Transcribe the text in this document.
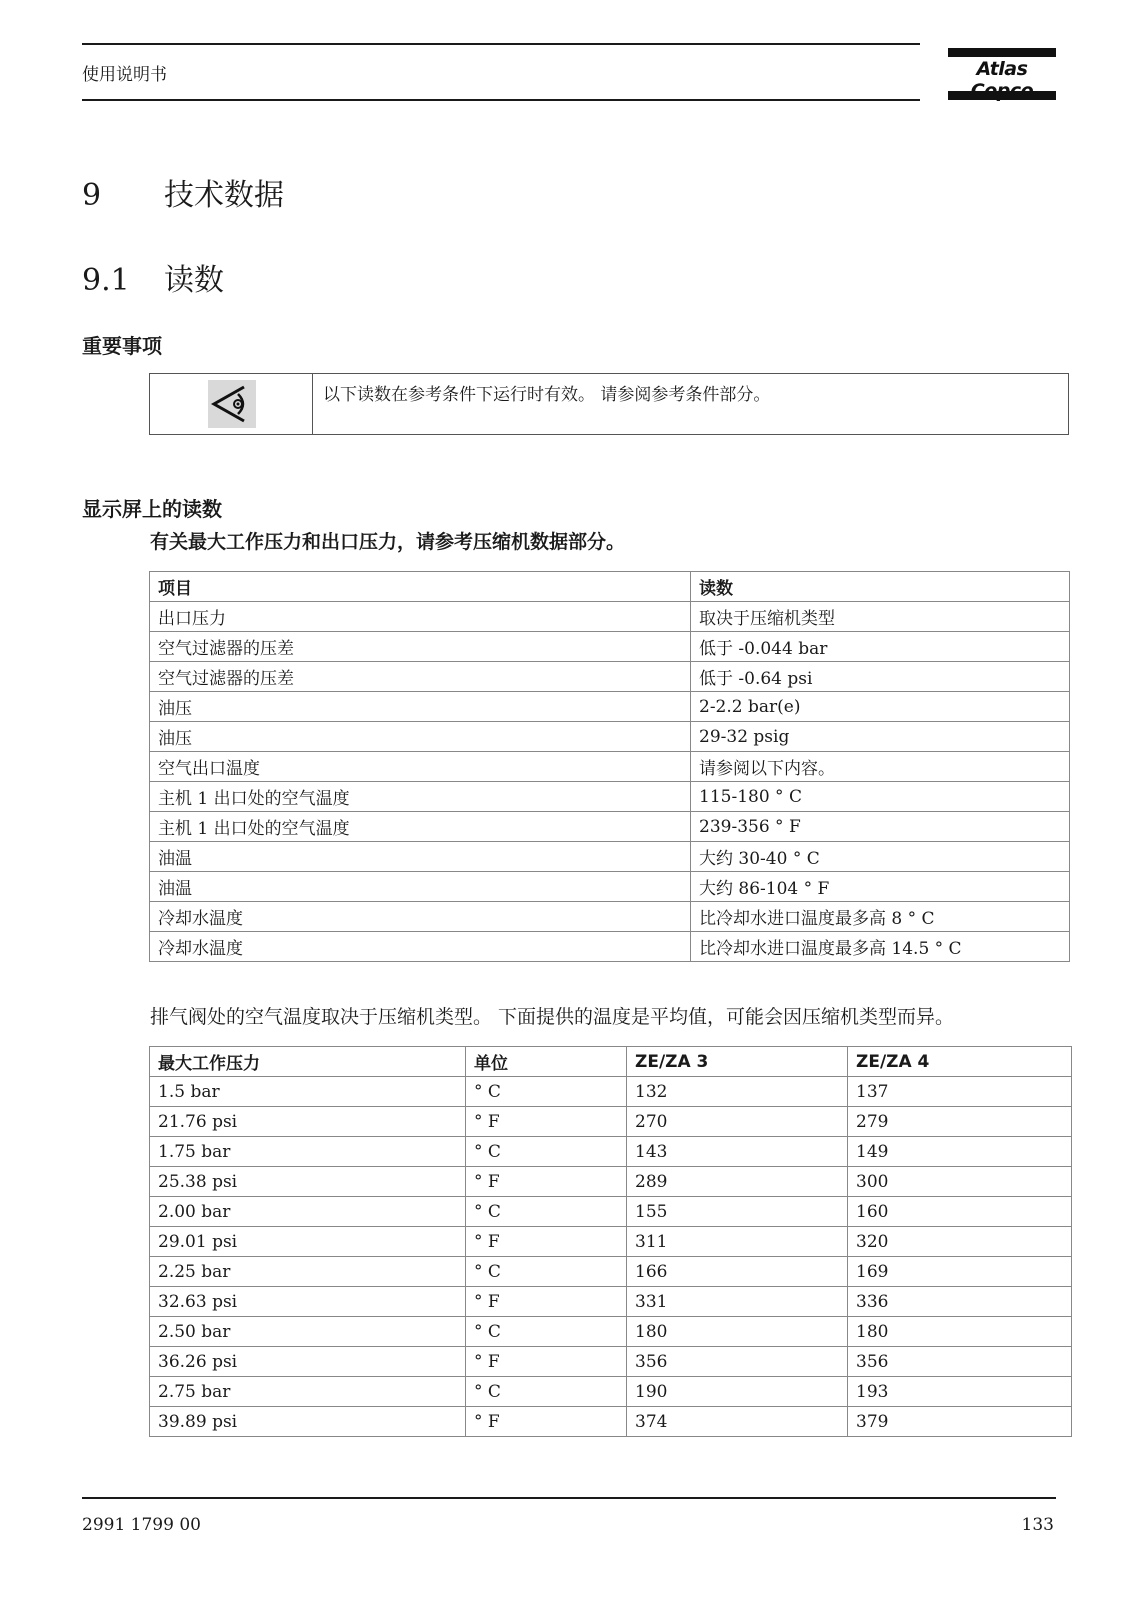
使用说明书	Atlas
9 技术数据
9.1 读数
重要事项
以下读数在参考条件下运行时有效。 请参阅参考条件部分。
显示屏上的读数
有关最大工作压力和出口压力，请参考压缩机数据部分。
项目	读数
出口压力	取决于压缩机类型
空气过滤器的压差	低于 -0.044 bar
空气过滤器的压差	低于 -0.64 psi
油压	2-2.2 bar(e)
油压	29-32 psig
空气出口温度	请参阅以下内容。
主机 1 出口处的空气温度	115-180 ° C
主机 1 出口处的空气温度	239-356 ° F
油温	大约 30-40 ° C
油温	大约 86-104 ° F
冷却水温度	比冷却水进口温度最多高 8 ° C
冷却水温度	比冷却水进口温度最多高 14.5 ° C
排气阀处的空气温度取决于压缩机类型。 下面提供的温度是平均值，可能会因压缩机类型而异。
最大工作压力	单位	ZE/ZA 3	ZE/ZA 4
1.5 bar	° C	132	137
21.76 psi	° F	270	279
1.75 bar	° C	143	149
25.38 psi	° F	289	300
2.00 bar	° C	155	160
29.01 psi	° F	311	320
2.25 bar	° C	166	169
32.63 psi	° F	331	336
2.50 bar	° C	180	180
36.26 psi	° F	356	356
2.75 bar	° C	190	193
39.89 psi	° F	374	379
2991 1799 00	133
